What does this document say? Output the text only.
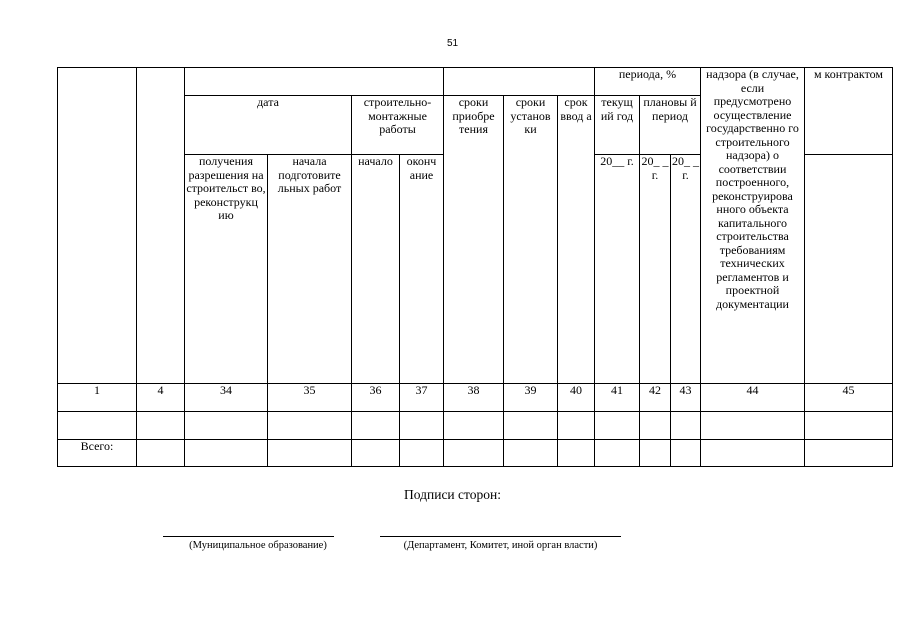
51
									периода, %			надзора (в случае, если предусмотрено осуществление государственно го строительного надзора) о соответствии построенного, реконструирова нного объекта капитального строительства требованиям технических регламентов и проектной документации	м контрактом
		дата		строительно- монтажные работы		сроки приобре тения	сроки установ ки	срок ввод а	текущ ий год	плановы й период			
		получения разрешения на строительст во, реконструкц ию	начала подготовите льных работ	начало	оконч ание				20__ г.	20_ _ г.	20_ _ г.		

1	4	34	35	36	37	38	39	40	41	42	43	44	45

Всего:													
Подписи сторон:
(Муниципальное образование)	(Департамент, Комитет, иной орган власти)
